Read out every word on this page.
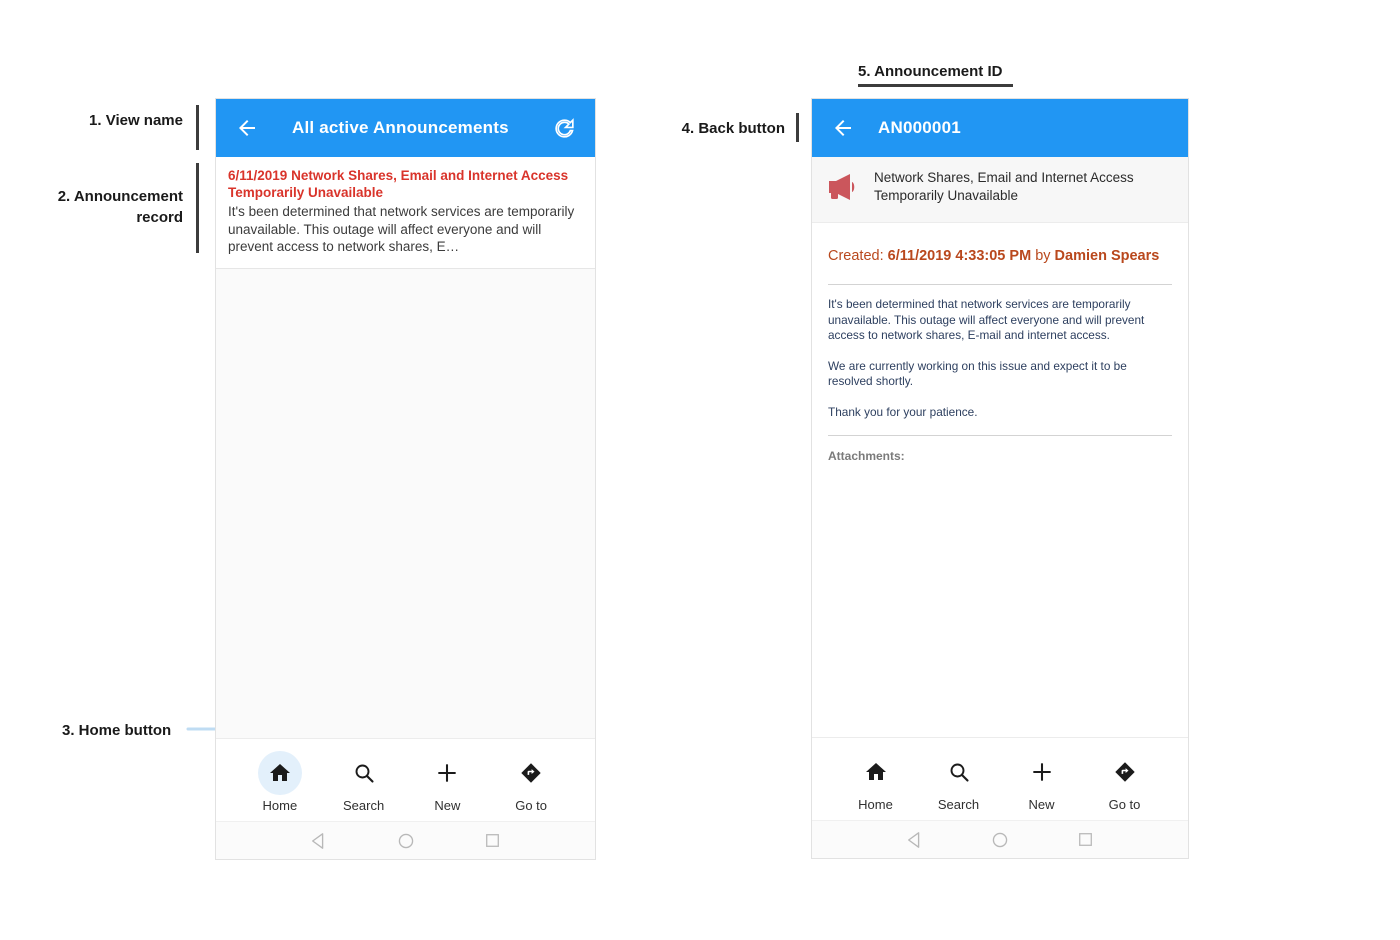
1. View name
2. Announcement
record
3. Home button
4. Back button
5. Announcement ID
All active Announcements
6/11/2019 Network Shares, Email and Internet Access Temporarily Unavailable
It's been determined that network services are temporarily unavailable. This outage will affect everyone and will prevent access to network shares, E…
Home	Search	New	Go to
AN000001
Network Shares, Email and Internet Access Temporarily Unavailable
Created: 6/11/2019 4:33:05 PM by Damien Spears
It's been determined that network services are temporarily unavailable. This outage will affect everyone and will prevent access to network shares, E-mail and internet access.
We are currently working on this issue and expect it to be resolved shortly.
Thank you for your patience.
Attachments:
Home	Search	New	Go to
